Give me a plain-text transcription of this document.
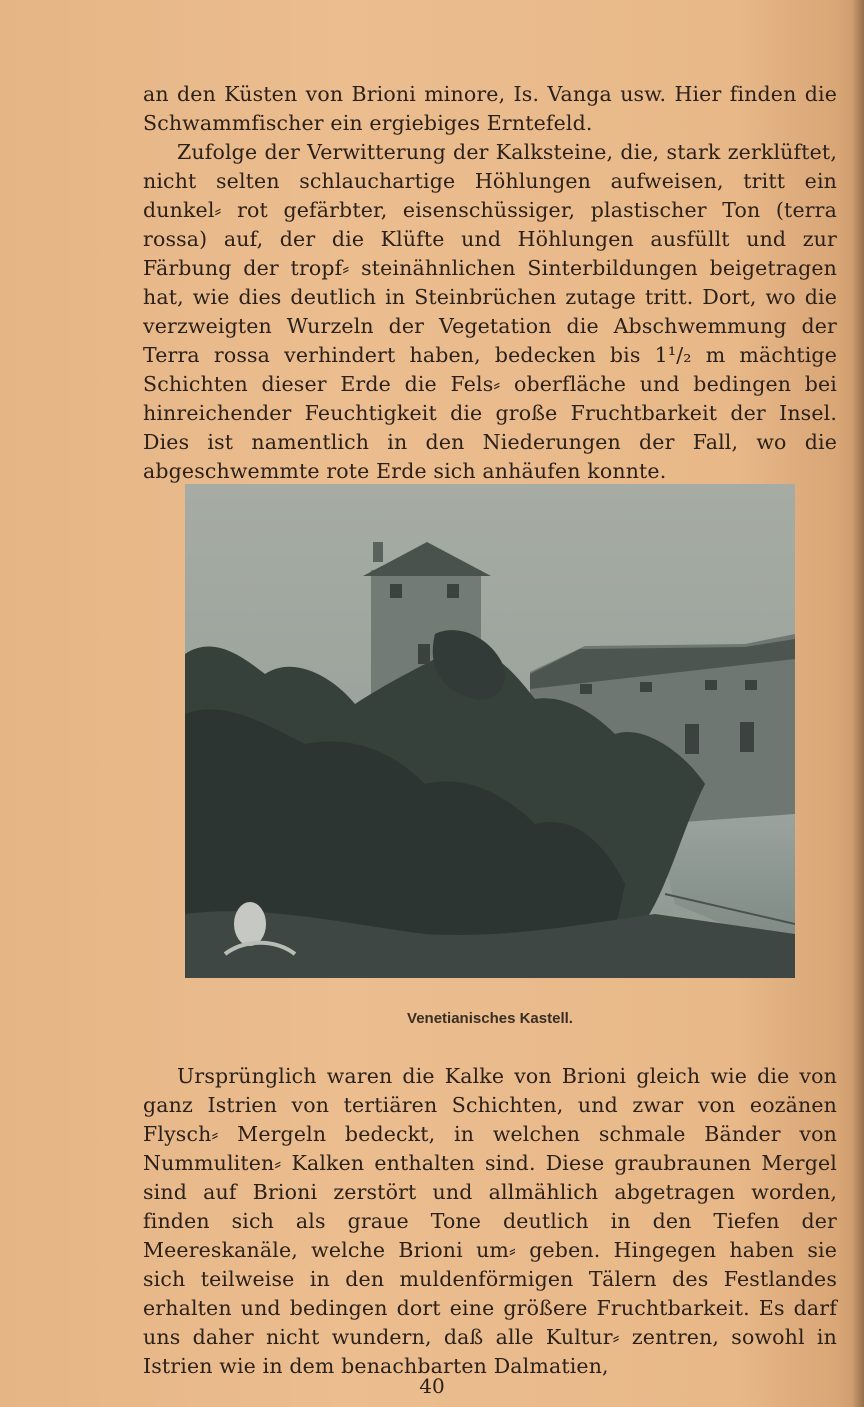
an den Küsten von Brioni minore, Is. Vanga usw. Hier finden die Schwammfischer ein ergiebiges Erntefeld.

Zufolge der Verwitterung der Kalksteine, die, stark zerklüftet, nicht selten schlauchartige Höhlungen aufweisen, tritt ein dunkel⸗ rot gefärbter, eisenschüssiger, plastischer Ton (terra rossa) auf, der die Klüfte und Höhlungen ausfüllt und zur Färbung der tropf⸗ steinähnlichen Sinterbildungen beigetragen hat, wie dies deutlich in Steinbrüchen zutage tritt. Dort, wo die verzweigten Wurzeln der Vegetation die Abschwemmung der Terra rossa verhindert haben, bedecken bis 1¹/₂ m mächtige Schichten dieser Erde die Fels⸗ oberfläche und bedingen bei hinreichender Feuchtigkeit die große Fruchtbarkeit der Insel. Dies ist namentlich in den Niederungen der Fall, wo die abgeschwemmte rote Erde sich anhäufen konnte.

Venetianisches Kastell.

Ursprünglich waren die Kalke von Brioni gleich wie die von ganz Istrien von tertiären Schichten, und zwar von eozänen Flysch⸗ Mergeln bedeckt, in welchen schmale Bänder von Nummuliten⸗ Kalken enthalten sind. Diese graubraunen Mergel sind auf Brioni zerstört und allmählich abgetragen worden, finden sich als graue Tone deutlich in den Tiefen der Meereskanäle, welche Brioni um⸗ geben. Hingegen haben sie sich teilweise in den muldenförmigen Tälern des Festlandes erhalten und bedingen dort eine größere Fruchtbarkeit. Es darf uns daher nicht wundern, daß alle Kultur⸗ zentren, sowohl in Istrien wie in dem benachbarten Dalmatien,

40
